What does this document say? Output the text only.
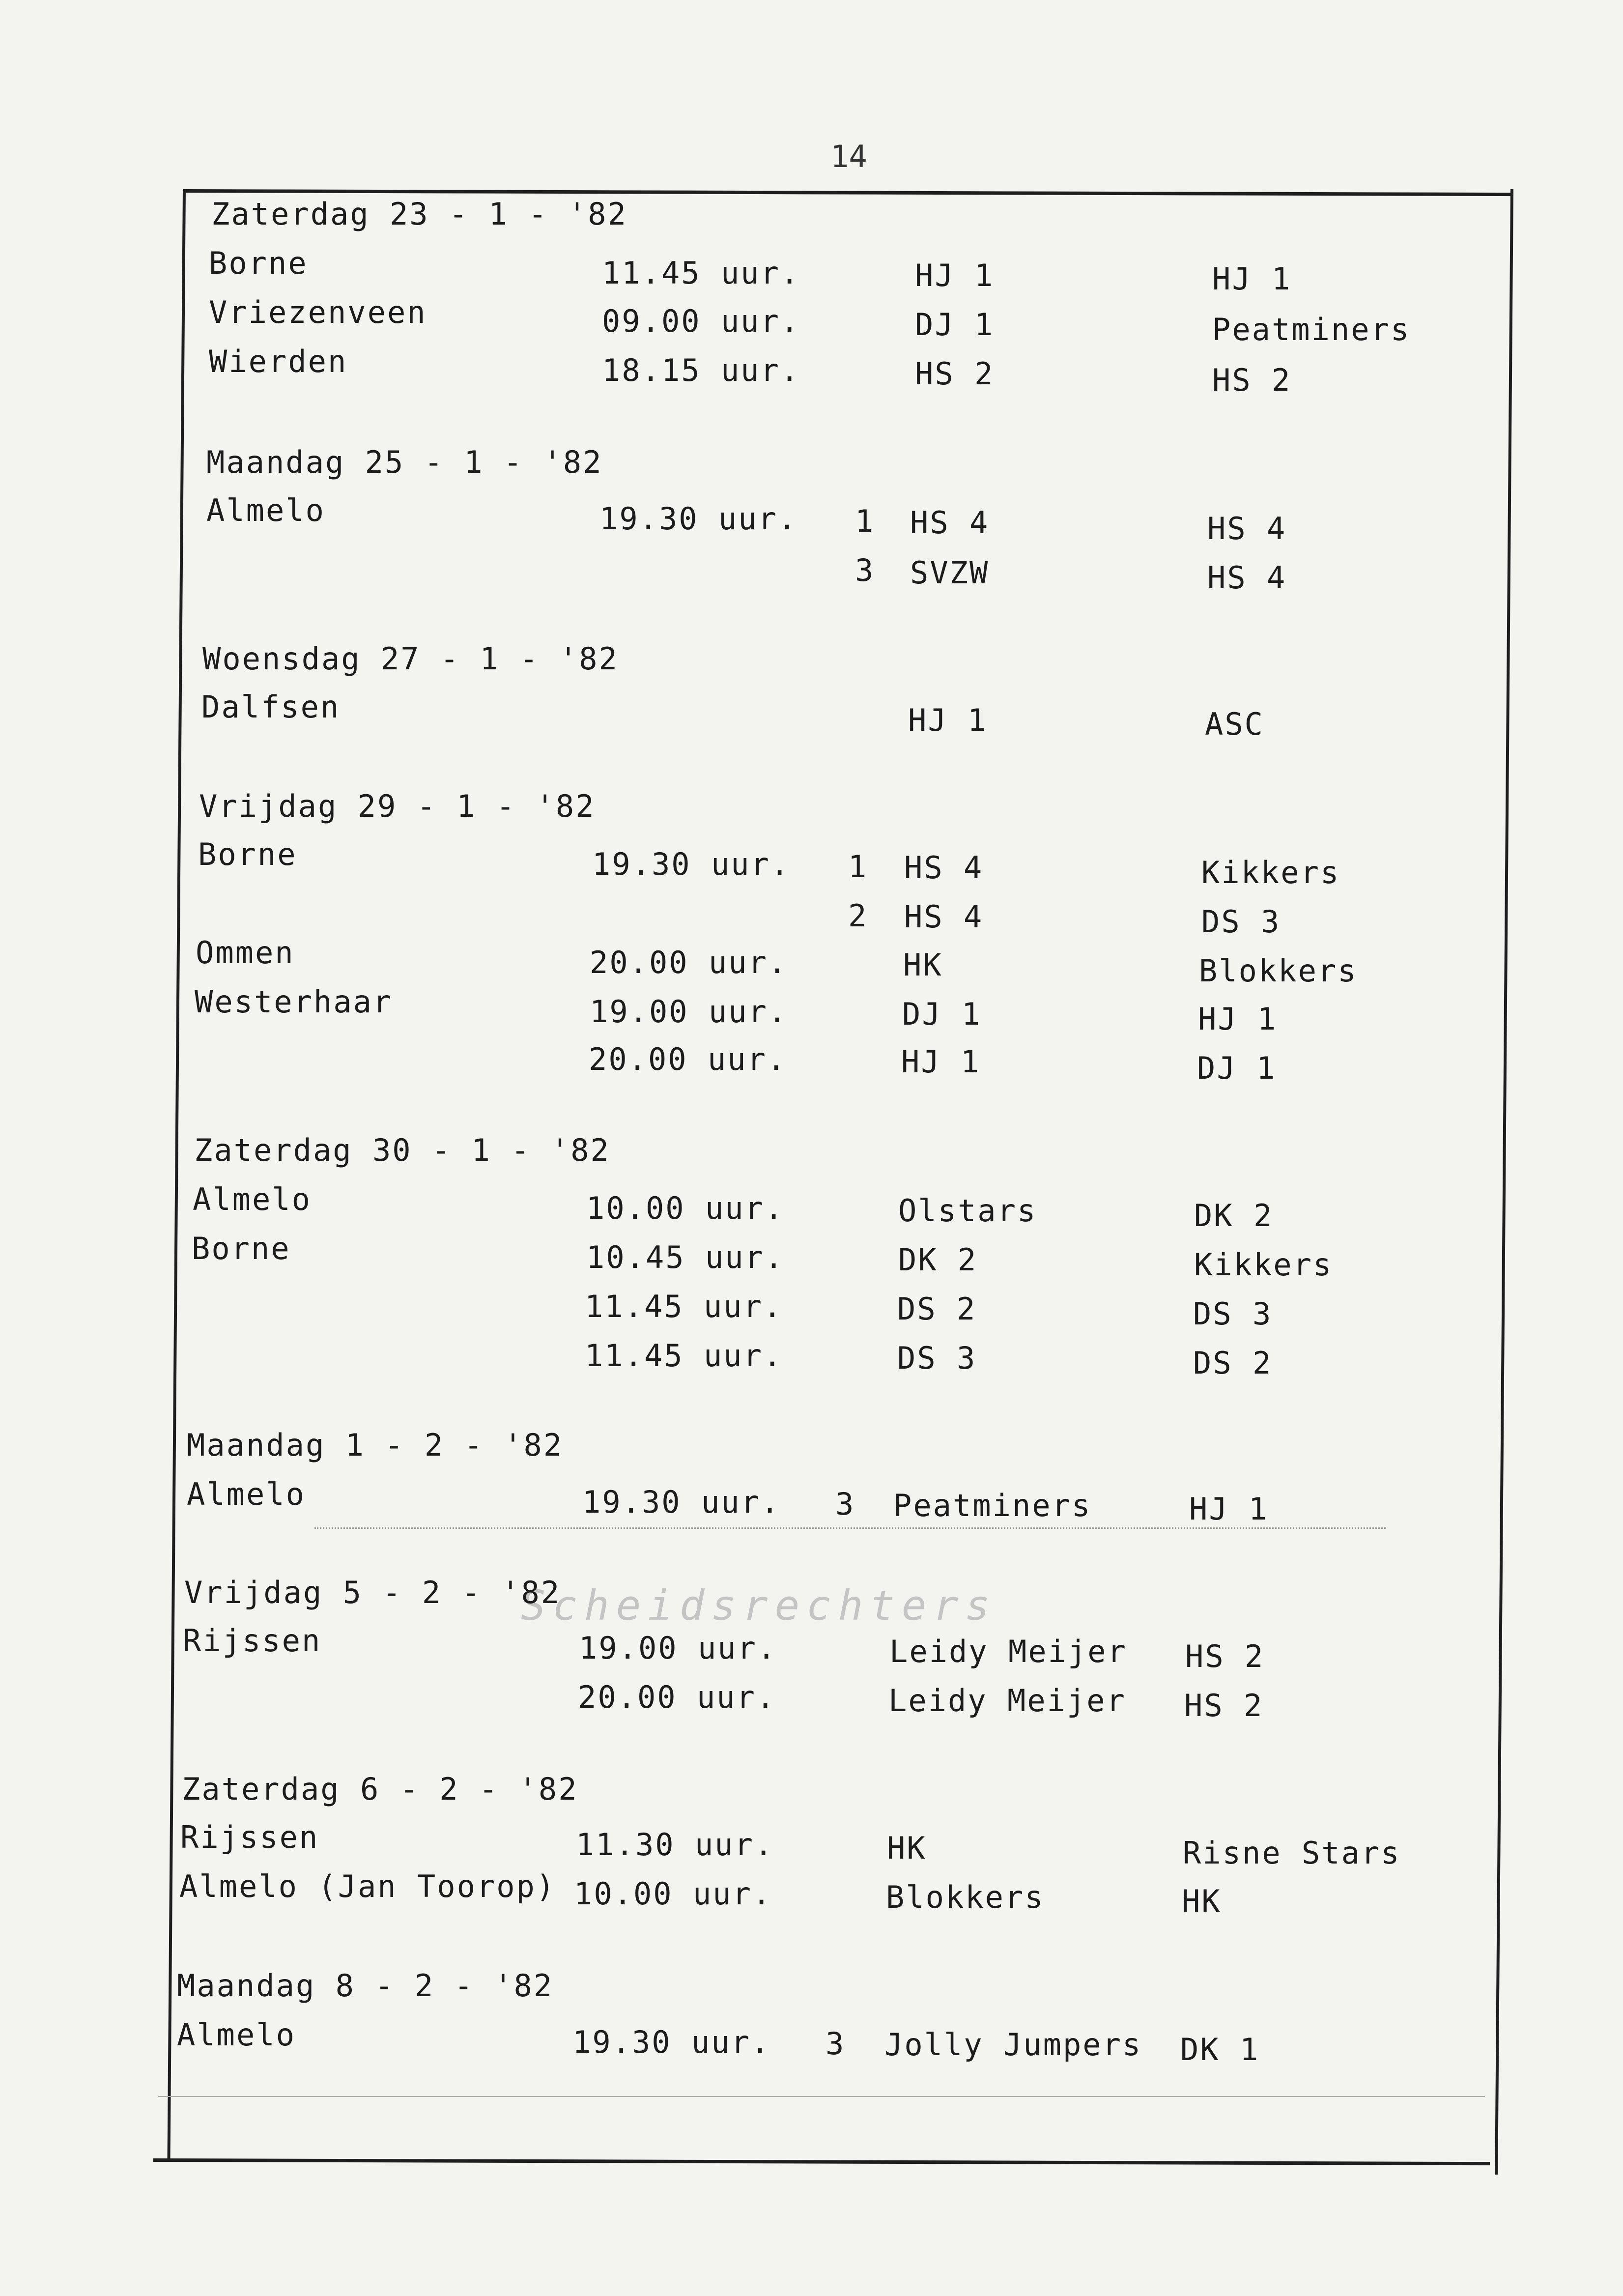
14
Scheidsrechters
Zaterdag 23 - 1 - '82
Borne	11.45 uur.	HJ 1	HJ 1
Vriezenveen	09.00 uur.	DJ 1	Peatminers
Wierden	18.15 uur.	HS 2	HS 2
Maandag 25 - 1 - '82
Almelo	19.30 uur. 1 HS 4	HS 4
3 SVZW	HS 4
Woensdag 27 - 1 - '82
Dalfsen	HJ 1	ASC
Vrijdag 29 - 1 - '82
Borne	19.30 uur. 1 HS 4	Kikkers
2 HS 4	DS 3
Ommen	20.00 uur.	HK	Blokkers
Westerhaar	19.00 uur.	DJ 1	HJ 1
20.00 uur.	HJ 1	DJ 1
Zaterdag 30 - 1 - '82
Almelo	10.00 uur.	Olstars	DK 2
Borne	10.45 uur.	DK 2	Kikkers
11.45 uur.	DS 2	DS 3
11.45 uur.	DS 3	DS 2
Maandag 1 - 2 - '82
Almelo	19.30 uur. 3 Peatminers	HJ 1
Vrijdag 5 - 2 - '82
Rijssen	19.00 uur.	Leidy Meijer HS 2
20.00 uur.	Leidy Meijer HS 2
Zaterdag 6 - 2 - '82
Rijssen	11.30 uur.	HK	Risne Stars
Almelo (Jan Toorop) 10.00 uur.	Blokkers	HK
Maandag 8 - 2 - '82
Almelo	19.30 uur. 3 Jolly Jumpers DK 1
